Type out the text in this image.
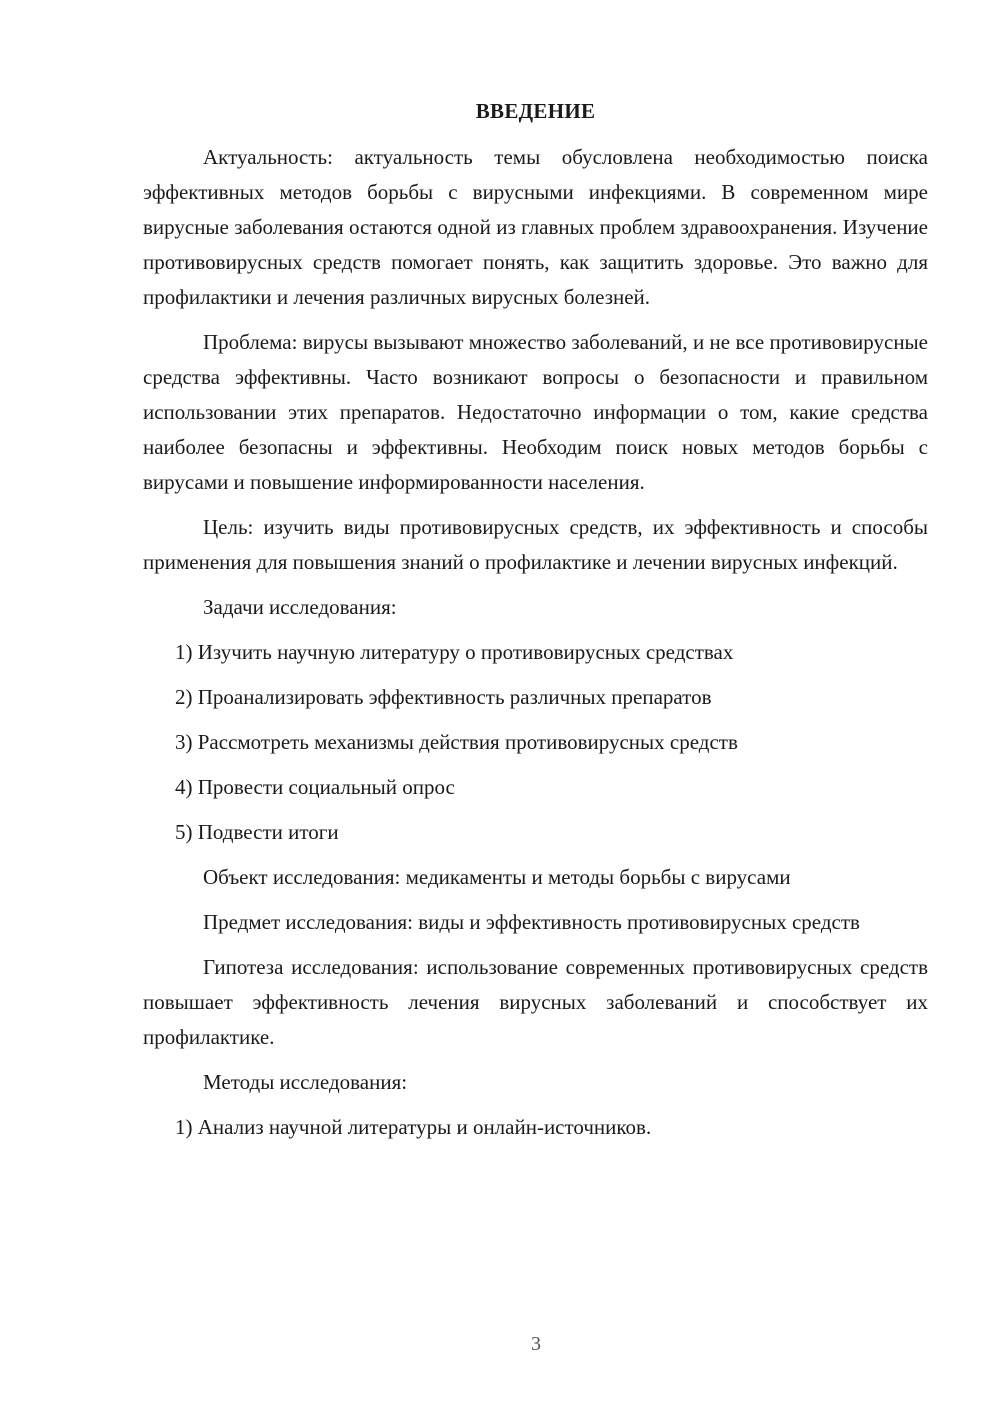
ВВЕДЕНИЕ

Актуальность: актуальность темы обусловлена необходимостью поиска эффективных методов борьбы с вирусными инфекциями. В современном мире вирусные заболевания остаются одной из главных проблем здравоохранения. Изучение противовирусных средств помогает понять, как защитить здоровье. Это важно для профилактики и лечения различных вирусных болезней.

Проблема: вирусы вызывают множество заболеваний, и не все противовирусные средства эффективны. Часто возникают вопросы о безопасности и правильном использовании этих препаратов. Недостаточно информации о том, какие средства наиболее безопасны и эффективны. Необходим поиск новых методов борьбы с вирусами и повышение информированности населения.

Цель: изучить виды противовирусных средств, их эффективность и способы применения для повышения знаний о профилактике и лечении вирусных инфекций.

Задачи исследования:

1) Изучить научную литературу о противовирусных средствах

2) Проанализировать эффективность различных препаратов

3) Рассмотреть механизмы действия противовирусных средств

4) Провести социальный опрос

5) Подвести итоги

Объект исследования: медикаменты и методы борьбы с вирусами

Предмет исследования: виды и эффективность противовирусных средств

Гипотеза исследования: использование современных противовирусных средств повышает эффективность лечения вирусных заболеваний и способствует их профилактике.

Методы исследования:

1) Анализ научной литературы и онлайн-источников.

3
